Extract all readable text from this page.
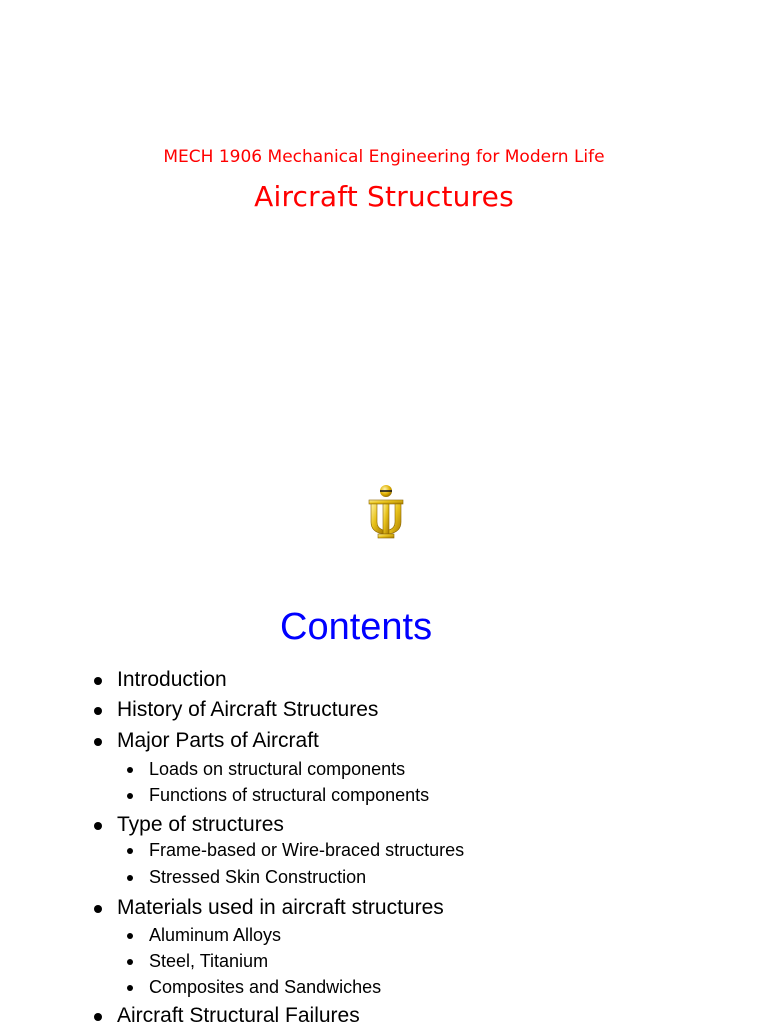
MECH 1906 Mechanical Engineering for Modern Life
Aircraft Structures
Contents
Introduction
History of Aircraft Structures
Major Parts of Aircraft
Loads on structural components
Functions of structural components
Type of structures
Frame-based or Wire-braced structures
Stressed Skin Construction
Materials used in aircraft structures
Aluminum Alloys
Steel, Titanium
Composites and Sandwiches
Aircraft Structural Failures
